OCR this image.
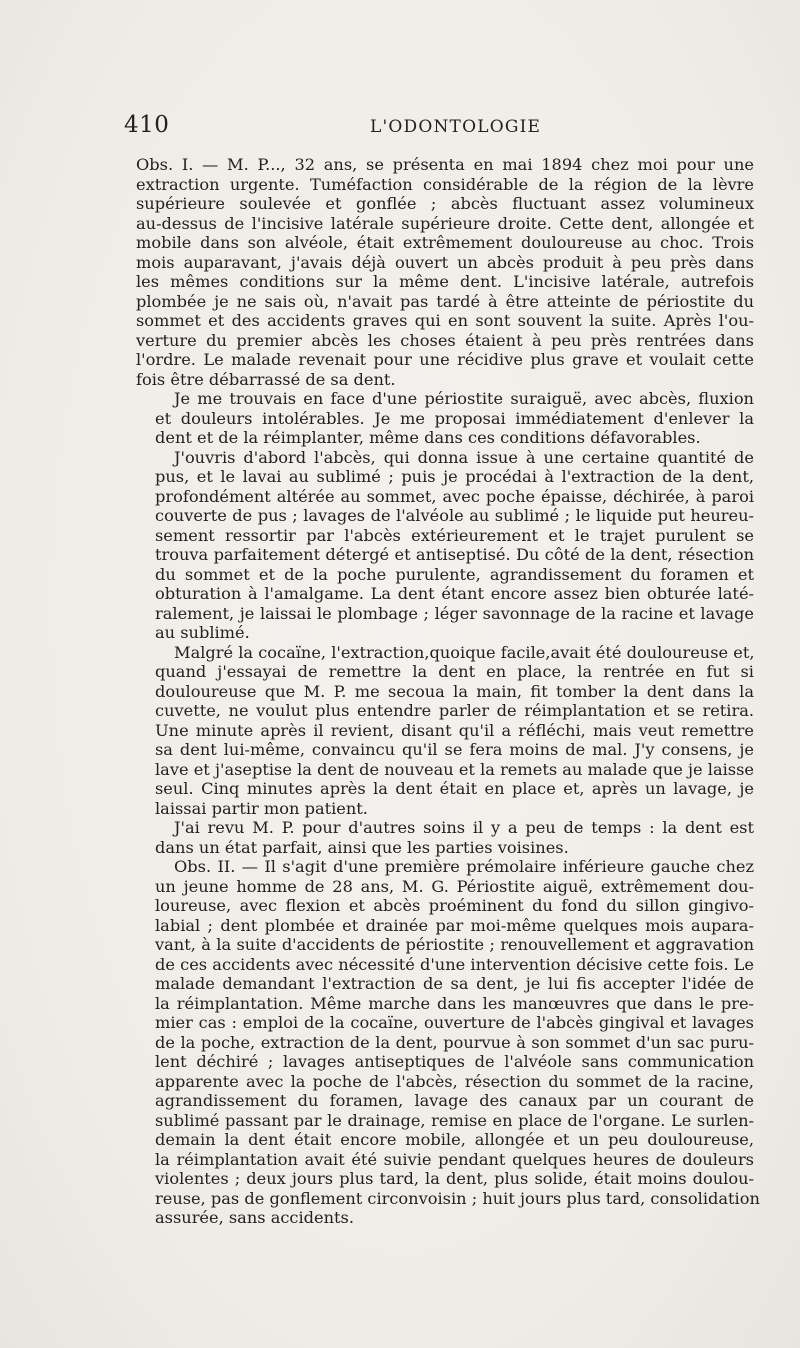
410	L'ODONTOLOGIE
Obs. I. — M. P..., 32 ans, se présenta en mai 1894 chez moi pour une
extraction urgente. Tuméfaction considérable de la région de la lèvre
supérieure soulevée et gonflée ; abcès fluctuant assez volumineux
au-dessus de l'incisive latérale supérieure droite. Cette dent, allongée et
mobile dans son alvéole, était extrêmement douloureuse au choc. Trois
mois auparavant, j'avais déjà ouvert un abcès produit à peu près dans
les mêmes conditions sur la même dent. L'incisive latérale, autrefois
plombée je ne sais où, n'avait pas tardé à être atteinte de périostite du
sommet et des accidents graves qui en sont souvent la suite. Après l'ou-
verture du premier abcès les choses étaient à peu près rentrées dans
l'ordre. Le malade revenait pour une récidive plus grave et voulait cette
fois être débarrassé de sa dent.
Je me trouvais en face d'une périostite suraiguë, avec abcès, fluxion
et douleurs intolérables. Je me proposai immédiatement d'enlever la
dent et de la réimplanter, même dans ces conditions défavorables.
J'ouvris d'abord l'abcès, qui donna issue à une certaine quantité de
pus, et le lavai au sublimé ; puis je procédai à l'extraction de la dent,
profondément altérée au sommet, avec poche épaisse, déchirée, à paroi
couverte de pus ; lavages de l'alvéole au sublimé ; le liquide put heureu-
sement ressortir par l'abcès extérieurement et le trajet purulent se
trouva parfaitement détergé et antiseptisé. Du côté de la dent, résection
du sommet et de la poche purulente, agrandissement du foramen et
obturation à l'amalgame. La dent étant encore assez bien obturée laté-
ralement, je laissai le plombage ; léger savonnage de la racine et lavage
au sublimé.
Malgré la cocaïne, l'extraction,quoique facile,avait été douloureuse et,
quand j'essayai de remettre la dent en place, la rentrée en fut si
douloureuse que M. P. me secoua la main, fit tomber la dent dans la
cuvette, ne voulut plus entendre parler de réimplantation et se retira.
Une minute après il revient, disant qu'il a réfléchi, mais veut remettre
sa dent lui-même, convaincu qu'il se fera moins de mal. J'y consens, je
lave et j'aseptise la dent de nouveau et la remets au malade que je laisse
seul. Cinq minutes après la dent était en place et, après un lavage, je
laissai partir mon patient.
J'ai revu M. P. pour d'autres soins il y a peu de temps : la dent est
dans un état parfait, ainsi que les parties voisines.
Obs. II. — Il s'agit d'une première prémolaire inférieure gauche chez
un jeune homme de 28 ans, M. G. Périostite aiguë, extrêmement dou-
loureuse, avec flexion et abcès proéminent du fond du sillon gingivo-
labial ; dent plombée et drainée par moi-même quelques mois aupara-
vant, à la suite d'accidents de périostite ; renouvellement et aggravation
de ces accidents avec nécessité d'une intervention décisive cette fois. Le
malade demandant l'extraction de sa dent, je lui fis accepter l'idée de
la réimplantation. Même marche dans les manœuvres que dans le pre-
mier cas : emploi de la cocaïne, ouverture de l'abcès gingival et lavages
de la poche, extraction de la dent, pourvue à son sommet d'un sac puru-
lent déchiré ; lavages antiseptiques de l'alvéole sans communication
apparente avec la poche de l'abcès, résection du sommet de la racine,
agrandissement du foramen, lavage des canaux par un courant de
sublimé passant par le drainage, remise en place de l'organe. Le surlen-
demain la dent était encore mobile, allongée et un peu douloureuse,
la réimplantation avait été suivie pendant quelques heures de douleurs
violentes ; deux jours plus tard, la dent, plus solide, était moins doulou-
reuse, pas de gonflement circonvoisin ; huit jours plus tard, consolidation
assurée, sans accidents.
